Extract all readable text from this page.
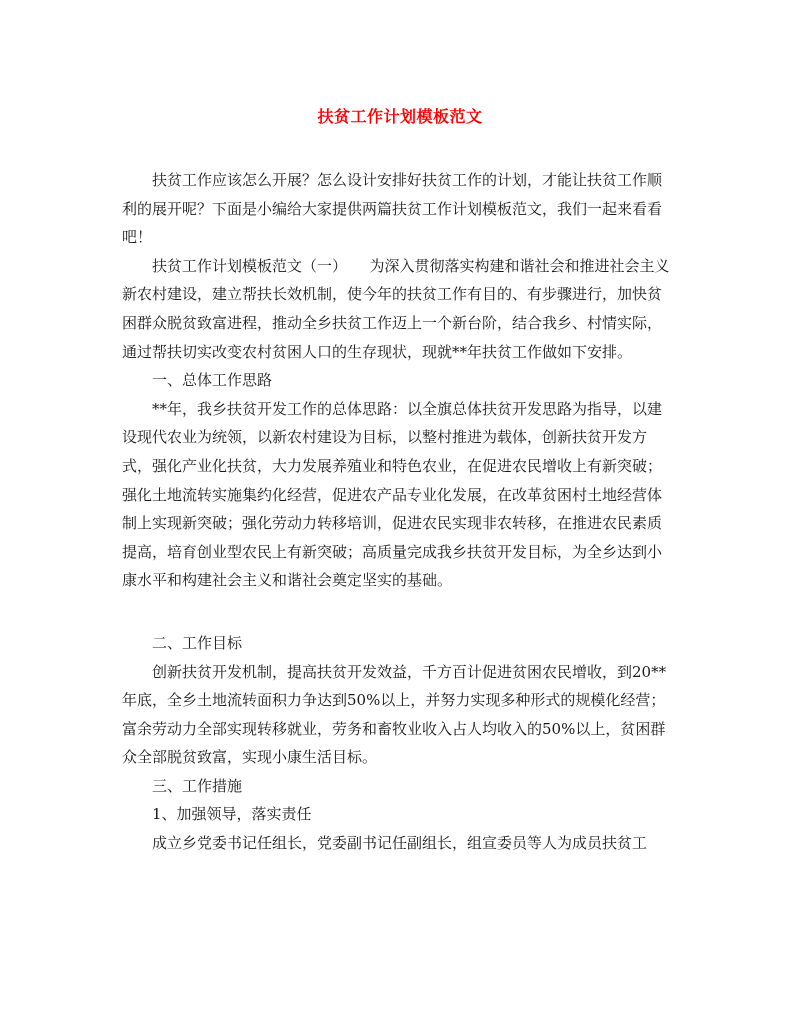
扶贫工作计划模板范文

扶贫工作应该怎么开展？怎么设计安排好扶贫工作的计划，才能让扶贫工作顺利的展开呢？下面是小编给大家提供两篇扶贫工作计划模板范文，我们一起来看看吧！

扶贫工作计划模板范文（一）　　为深入贯彻落实构建和谐社会和推进社会主义新农村建设，建立帮扶长效机制，使今年的扶贫工作有目的、有步骤进行，加快贫困群众脱贫致富进程，推动全乡扶贫工作迈上一个新台阶，结合我乡、村情实际，通过帮扶切实改变农村贫困人口的生存现状，现就**年扶贫工作做如下安排。

一、总体工作思路

**年，我乡扶贫开发工作的总体思路：以全旗总体扶贫开发思路为指导，以建设现代农业为统领，以新农村建设为目标，以整村推进为载体，创新扶贫开发方式，强化产业化扶贫，大力发展养殖业和特色农业，在促进农民增收上有新突破；强化土地流转实施集约化经营，促进农产品专业化发展，在改革贫困村土地经营体制上实现新突破；强化劳动力转移培训，促进农民实现非农转移，在推进农民素质提高，培育创业型农民上有新突破；高质量完成我乡扶贫开发目标，为全乡达到小康水平和构建社会主义和谐社会奠定坚实的基础。

二、工作目标

创新扶贫开发机制，提高扶贫开发效益，千方百计促进贫困农民增收，到20**年底，全乡土地流转面积力争达到50%以上，并努力实现多种形式的规模化经营；富余劳动力全部实现转移就业，劳务和畜牧业收入占人均收入的50%以上，贫困群众全部脱贫致富，实现小康生活目标。

三、工作措施

1、加强领导，落实责任

成立乡党委书记任组长，党委副书记任副组长，组宣委员等人为成员扶贫工
